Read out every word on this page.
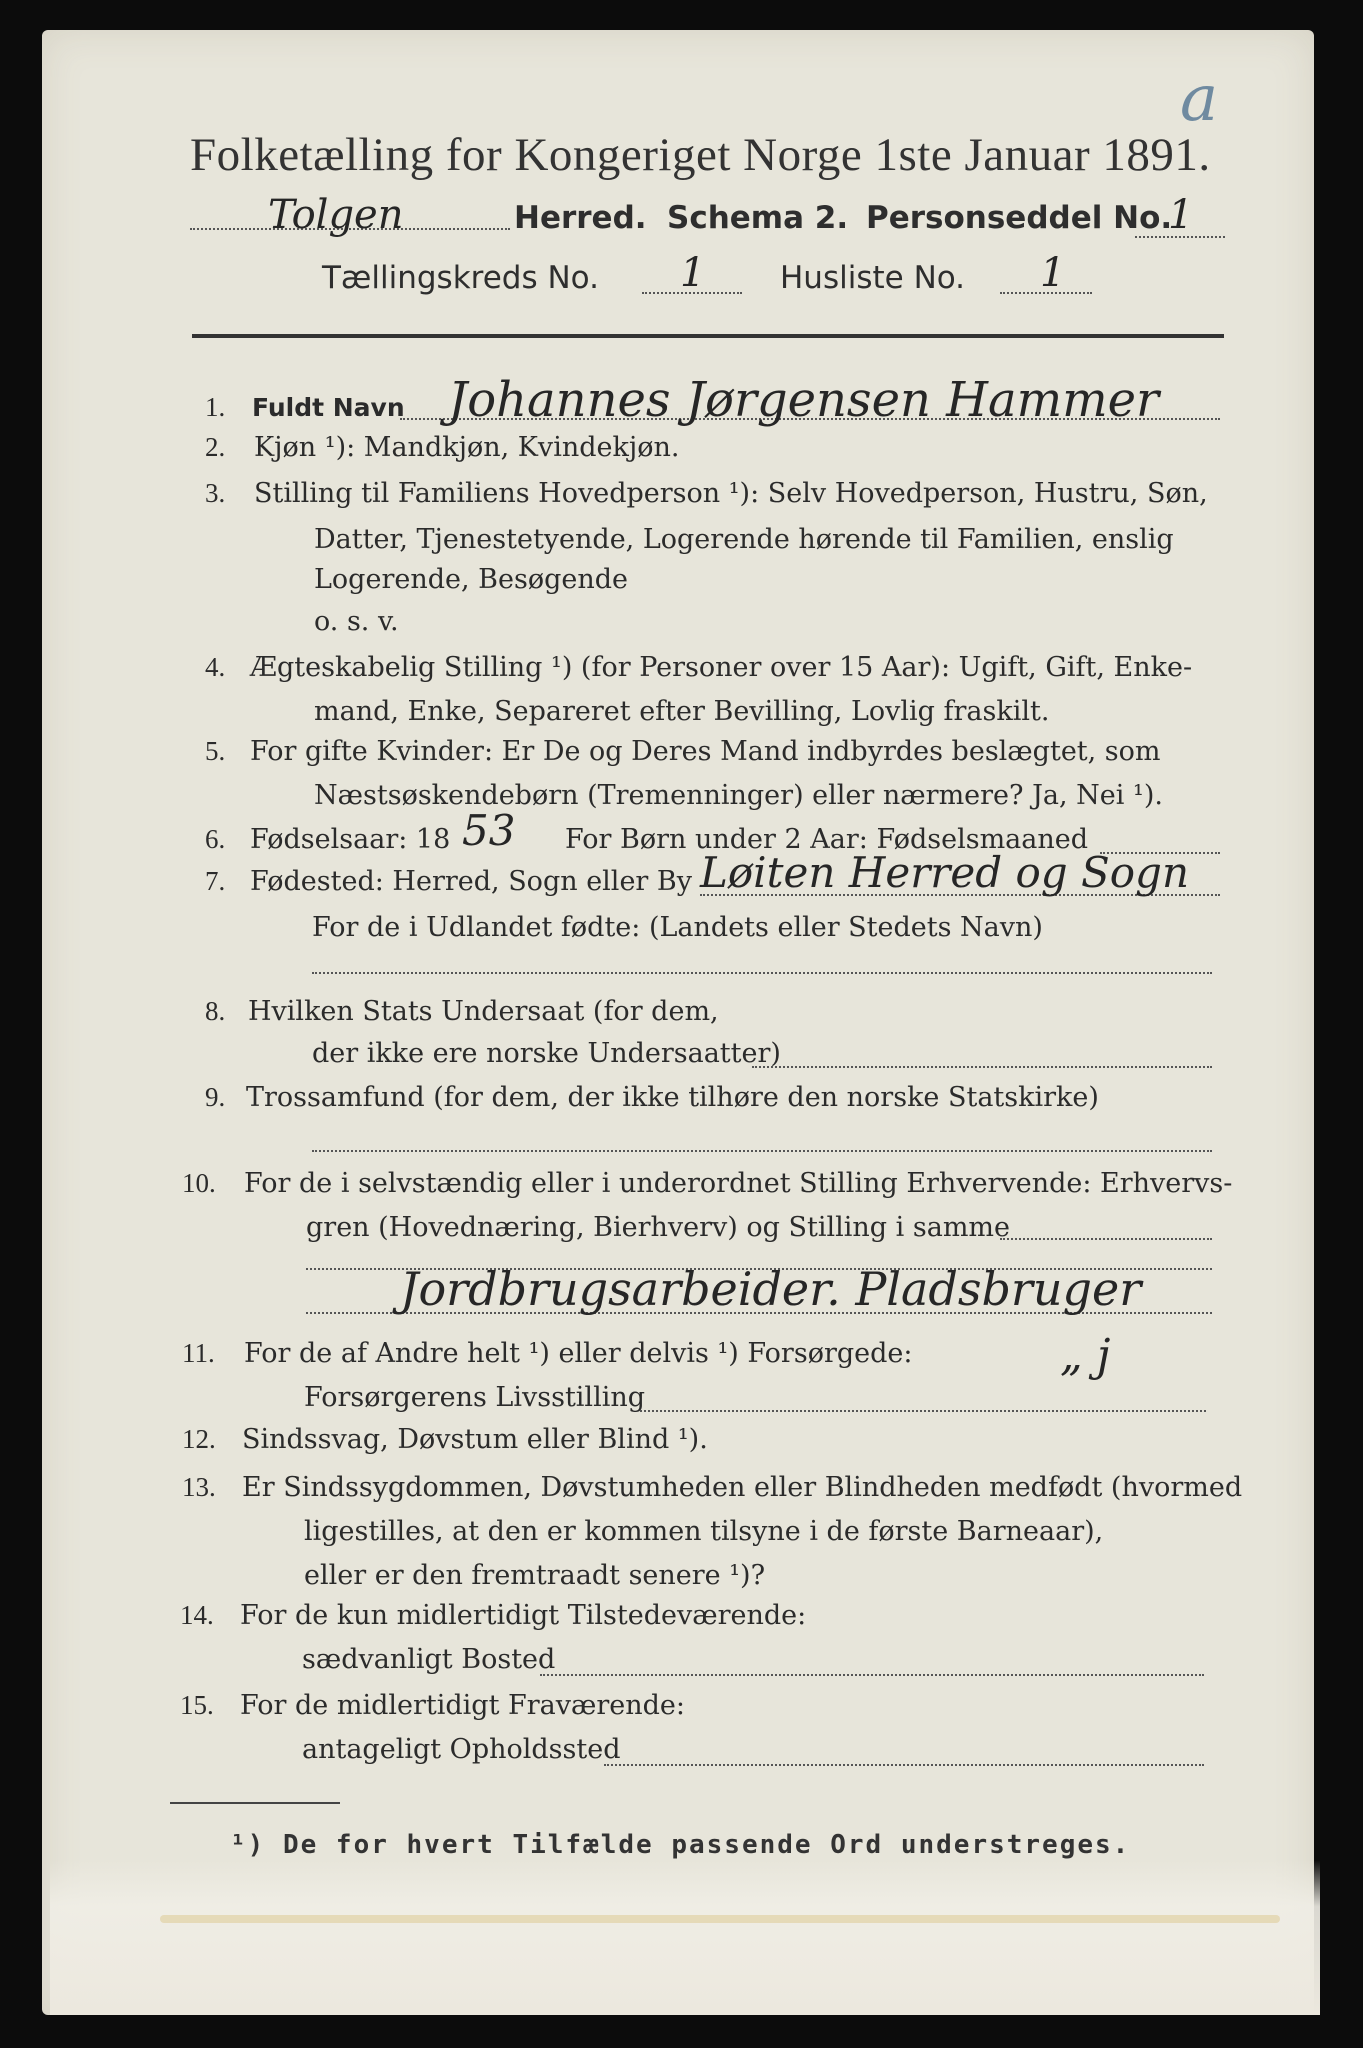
a
Folketælling for Kongeriget Norge 1ste Januar 1891.
Tolgen	Herred. Schema 2. Personseddel No.
1
Tællingskreds No. 1 Husliste No. 1
1. Fuldt Navn Johannes Jørgensen Hammer
2. Kjøn ¹): Mandkjøn, Kvindekjøn.
3. Stilling til Familiens Hovedperson ¹): Selv Hovedperson, Hustru, Søn,
Datter, Tjenestetyende, Logerende hørende til Familien, enslig
Logerende, Besøgende
o. s. v.
4. Ægteskabelig Stilling ¹) (for Personer over 15 Aar): Ugift, Gift, Enke-
mand, Enke, Separeret efter Bevilling, Lovlig fraskilt.
5. For gifte Kvinder: Er De og Deres Mand indbyrdes beslægtet, som
Næstsøskendebørn (Tremenninger) eller nærmere? Ja, Nei ¹).
6. Fødselsaar: 18 53 For Børn under 2 Aar: Fødselsmaaned
7. Fødested: Herred, Sogn eller By Løiten Herred og Sogn
For de i Udlandet fødte: (Landets eller Stedets Navn)
8. Hvilken Stats Undersaat (for dem,
der ikke ere norske Undersaatter)
9. Trossamfund (for dem, der ikke tilhøre den norske Statskirke)
10. For de i selvstændig eller i underordnet Stilling Erhvervende: Erhvervs-
gren (Hovednæring, Bierhverv) og Stilling i samme
Jordbrugsarbeider. Pladsbruger
11. For de af Andre helt ¹) eller delvis ¹) Forsørgede:
Forsørgerens Livsstilling
„ j
12. Sindssvag, Døvstum eller Blind ¹).
13. Er Sindssygdommen, Døvstumheden eller Blindheden medfødt (hvormed
ligestilles, at den er kommen tilsyne i de første Barneaar),
eller er den fremtraadt senere ¹)?
14. For de kun midlertidigt Tilstedeværende:
sædvanligt Bosted
15. For de midlertidigt Fraværende:
antageligt Opholdssted
¹) De for hvert Tilfælde passende Ord understreges.
